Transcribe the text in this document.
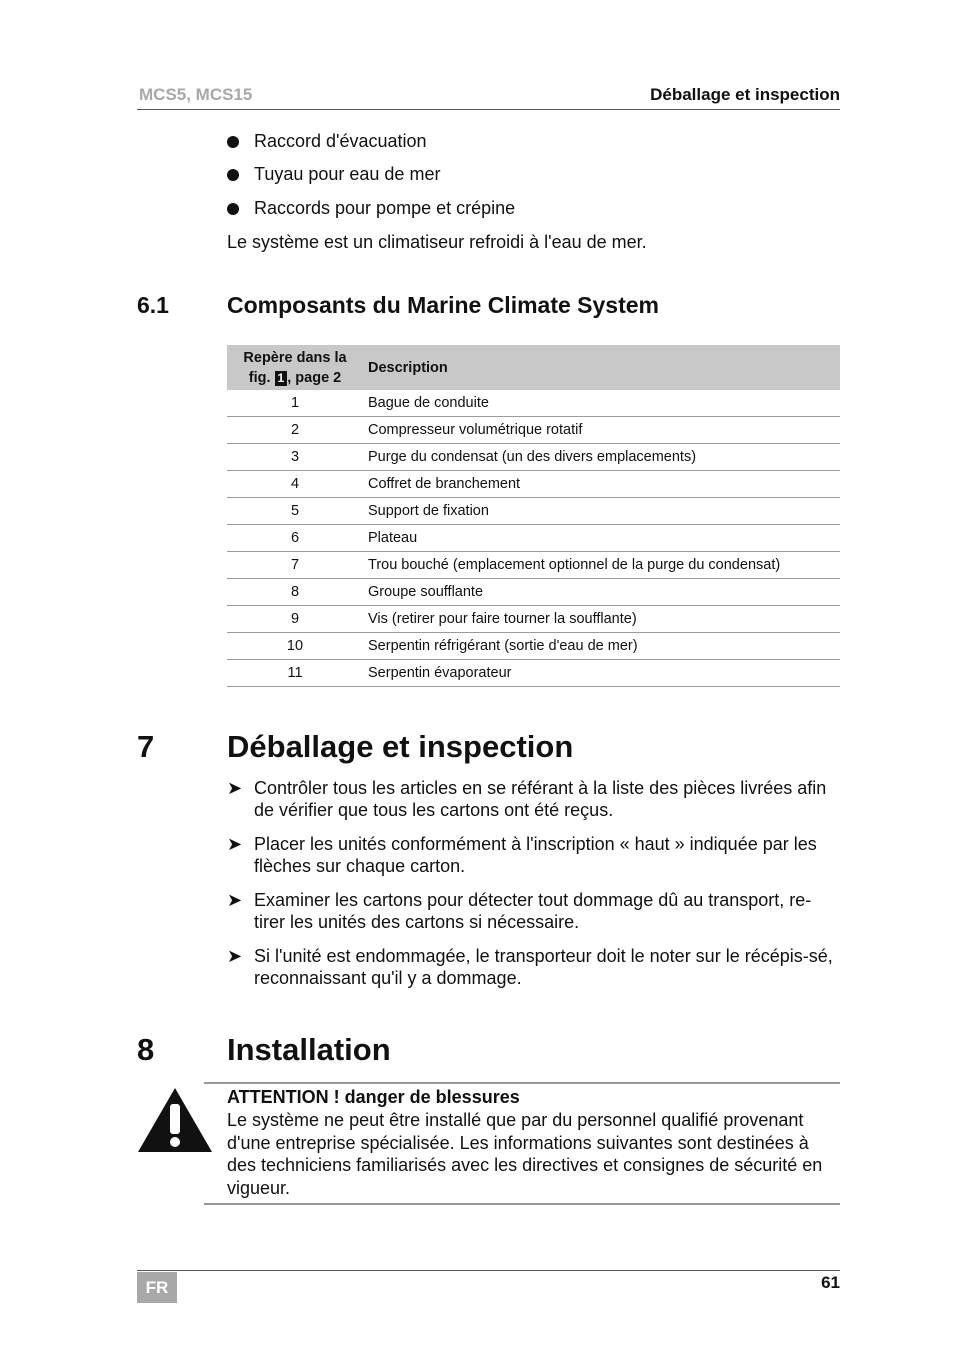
MCS5, MCS15	Déballage et inspection
Raccord d'évacuation
Tuyau pour eau de mer
Raccords pour pompe et crépine
Le système est un climatiseur refroidi à l'eau de mer.
6.1	Composants du Marine Climate System
Repère dans la
fig. 1 , page 2	Description
1	Bague de conduite
2	Compresseur volumétrique rotatif
3	Purge du condensat (un des divers emplacements)
4	Coffret de branchement
5	Support de fixation
6	Plateau
7	Trou bouché (emplacement optionnel de la purge du condensat)
8	Groupe soufflante
9	Vis (retirer pour faire tourner la soufflante)
10	Serpentin réfrigérant (sortie d'eau de mer)
11	Serpentin évaporateur
7 Déballage et inspection
➤ Contrôler tous les articles en se référant à la liste des pièces livrées afin de vérifier que tous les cartons ont été reçus.
➤ Placer les unités conformément à l'inscription « haut » indiquée par les flèches sur chaque carton.
➤ Examiner les cartons pour détecter tout dommage dû au transport, re-tirer les unités des cartons si nécessaire.
➤ Si l'unité est endommagée, le transporteur doit le noter sur le récépis-sé, reconnaissant qu'il y a dommage.
8 Installation
ATTENTION ! danger de blessures
Le système ne peut être installé que par du personnel qualifié provenant d'une entreprise spécialisée. Les informations suivantes sont destinées à des techniciens familiarisés avec les directives et consignes de sécurité en vigueur.
FR	61
